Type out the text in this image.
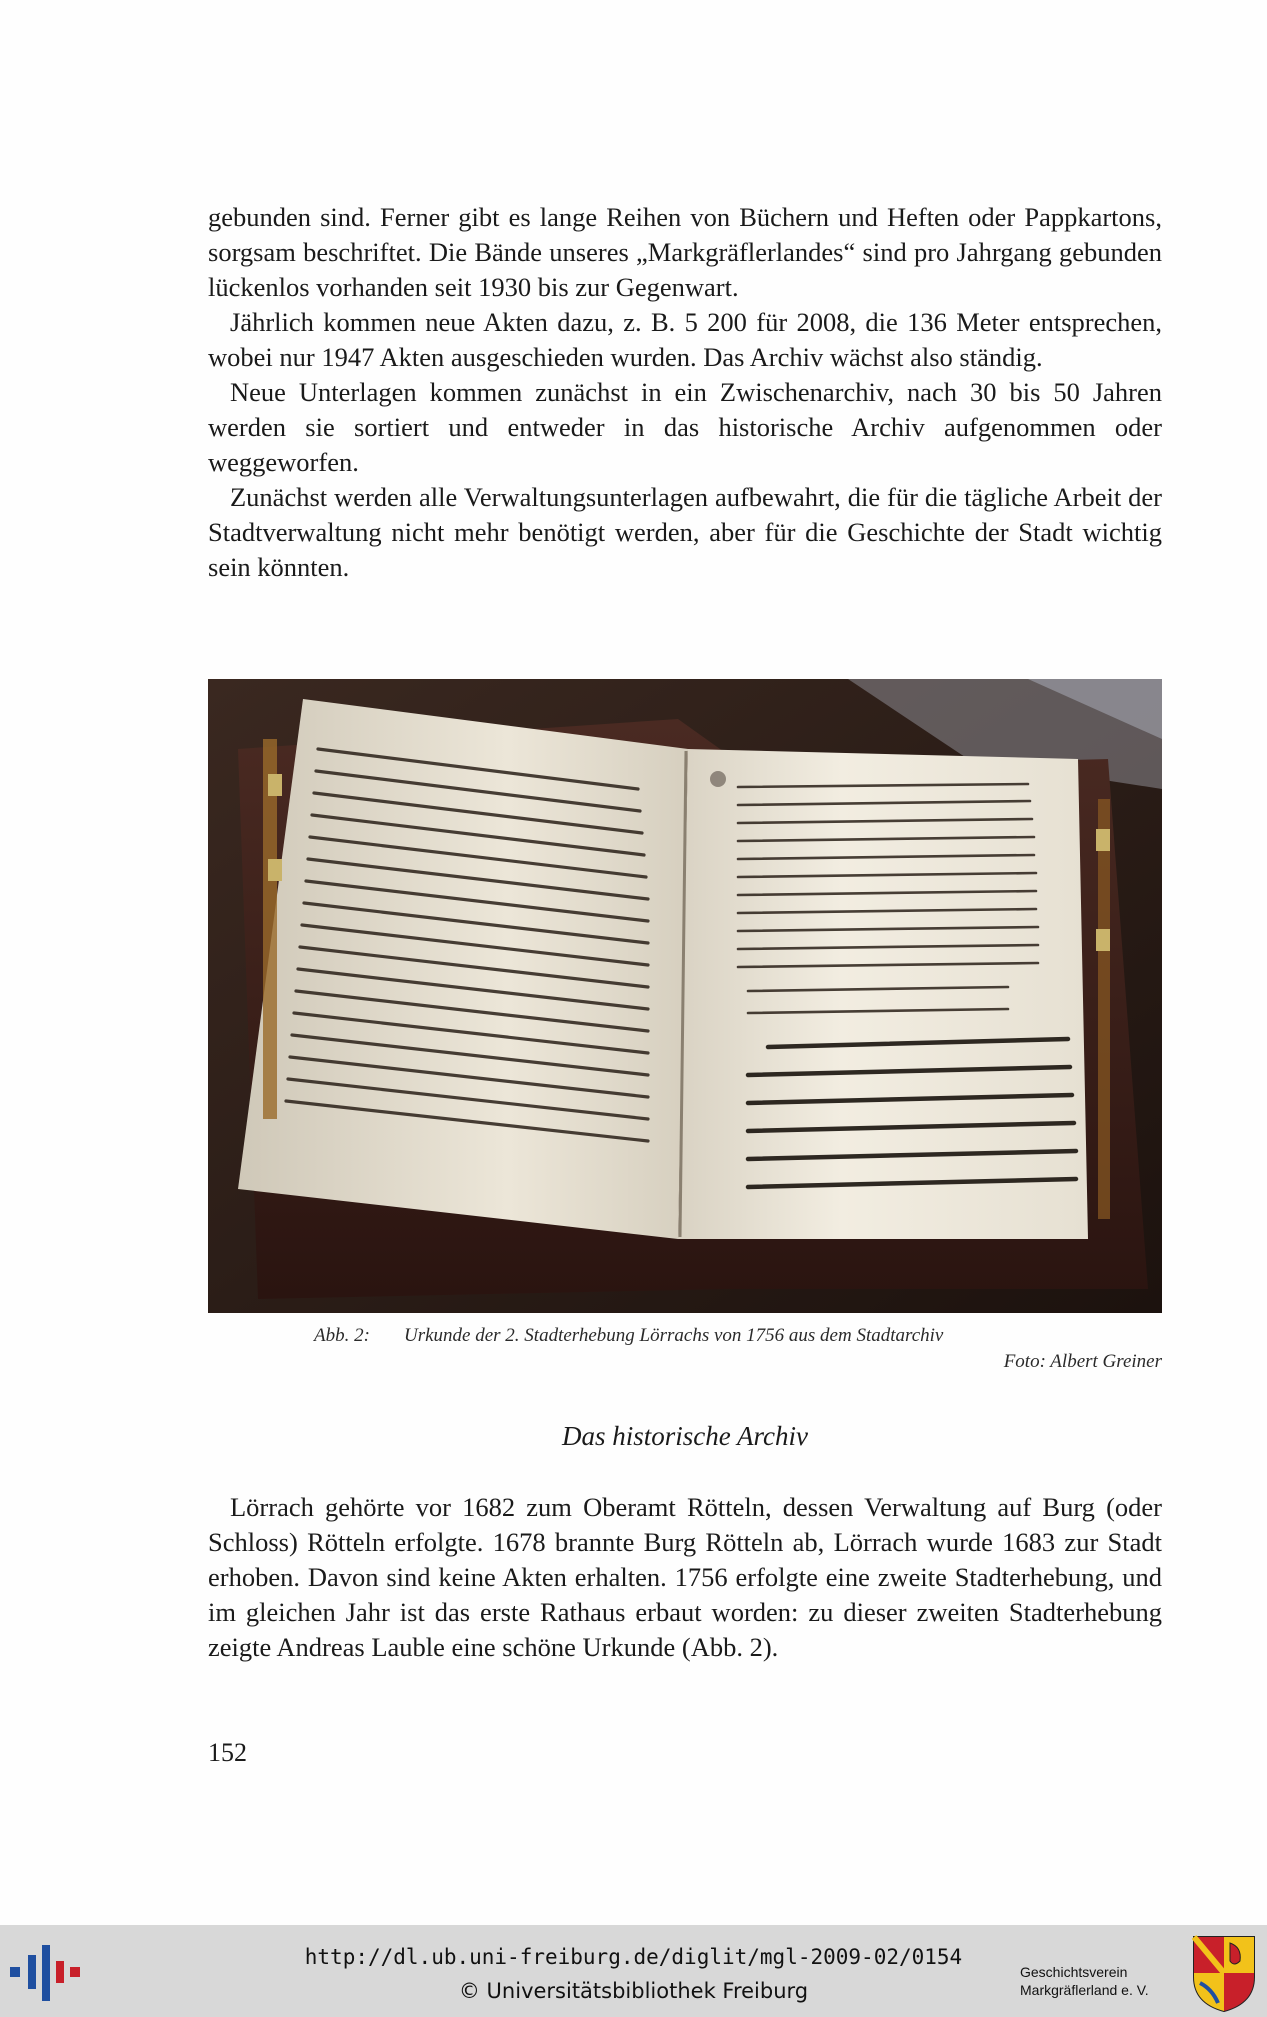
gebunden sind. Ferner gibt es lange Reihen von Büchern und Heften oder Pappkartons, sorgsam beschriftet. Die Bände unseres „Markgräflerlandes“ sind pro Jahrgang gebunden lückenlos vorhanden seit 1930 bis zur Gegenwart.

Jährlich kommen neue Akten dazu, z. B. 5 200 für 2008, die 136 Meter entsprechen, wobei nur 1947 Akten ausgeschieden wurden. Das Archiv wächst also ständig.

Neue Unterlagen kommen zunächst in ein Zwischenarchiv, nach 30 bis 50 Jahren werden sie sortiert und entweder in das historische Archiv aufgenommen oder weggeworfen.

Zunächst werden alle Verwaltungsunterlagen aufbewahrt, die für die tägliche Arbeit der Stadtverwaltung nicht mehr benötigt werden, aber für die Geschichte der Stadt wichtig sein könnten.

Abb. 2:	Urkunde der 2. Stadterhebung Lörrachs von 1756 aus dem Stadtarchiv
Foto: Albert Greiner
Das historische Archiv

Lörrach gehörte vor 1682 zum Oberamt Rötteln, dessen Verwaltung auf Burg (oder Schloss) Rötteln erfolgte. 1678 brannte Burg Rötteln ab, Lörrach wurde 1683 zur Stadt erhoben. Davon sind keine Akten erhalten. 1756 erfolgte eine zweite Stadterhebung, und im gleichen Jahr ist das erste Rathaus erbaut worden: zu dieser zweiten Stadterhebung zeigte Andreas Lauble eine schöne Urkunde (Abb. 2).

152
http://dl.ub.uni-freiburg.de/diglit/mgl-2009-02/0154
© Universitätsbibliothek Freiburg
Geschichtsverein
Markgräflerland e. V.
